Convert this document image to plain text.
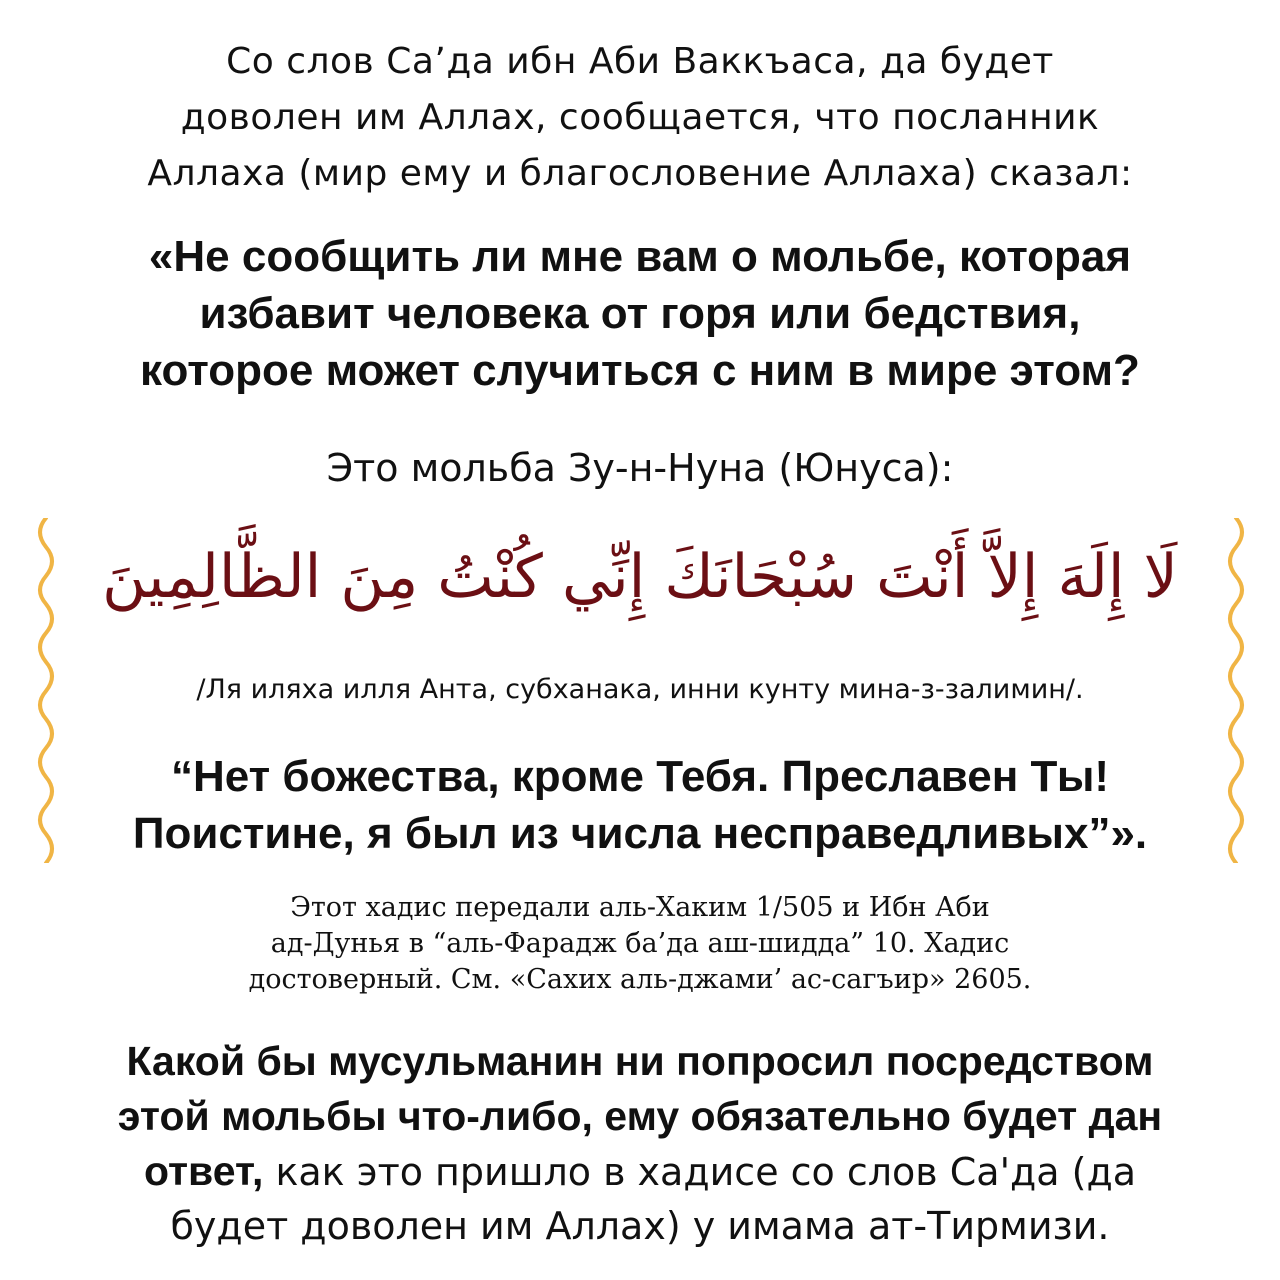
Со слов Са’да ибн Аби Ваккъаса, да будет
доволен им Аллах, сообщается, что посланник
Аллаха (мир ему и благословение Аллаха) сказал:

«Не сообщить ли мне вам о мольбе, которая
избавит человека от горя или бедствия,
которое может случиться с ним в мире этом?

Это мольба Зу-н-Нуна (Юнуса):

لَا إِلَهَ إِلاَّ أَنْتَ سُبْحَانَكَ إِنِّي كُنْتُ مِنَ الظَّالِمِينَ

/Ля иляха илля Анта, субханака, инни кунту мина-з-залимин/.

“Нет божества, кроме Тебя. Преславен Ты!
Поистине, я был из числа несправедливых”».

Этот хадис передали аль-Хаким 1/505 и Ибн Аби
ад-Дунья в “аль-Фарадж ба’да аш-шидда” 10. Хадис
достоверный. См. «Сахих аль-джами’ ас-сагъир» 2605.

Какой бы мусульманин ни попросил посредством
этой мольбы что-либо, ему обязательно будет дан
ответ, как это пришло в хадисе со слов Са'да (да
будет доволен им Аллах) у имама ат-Тирмизи.
